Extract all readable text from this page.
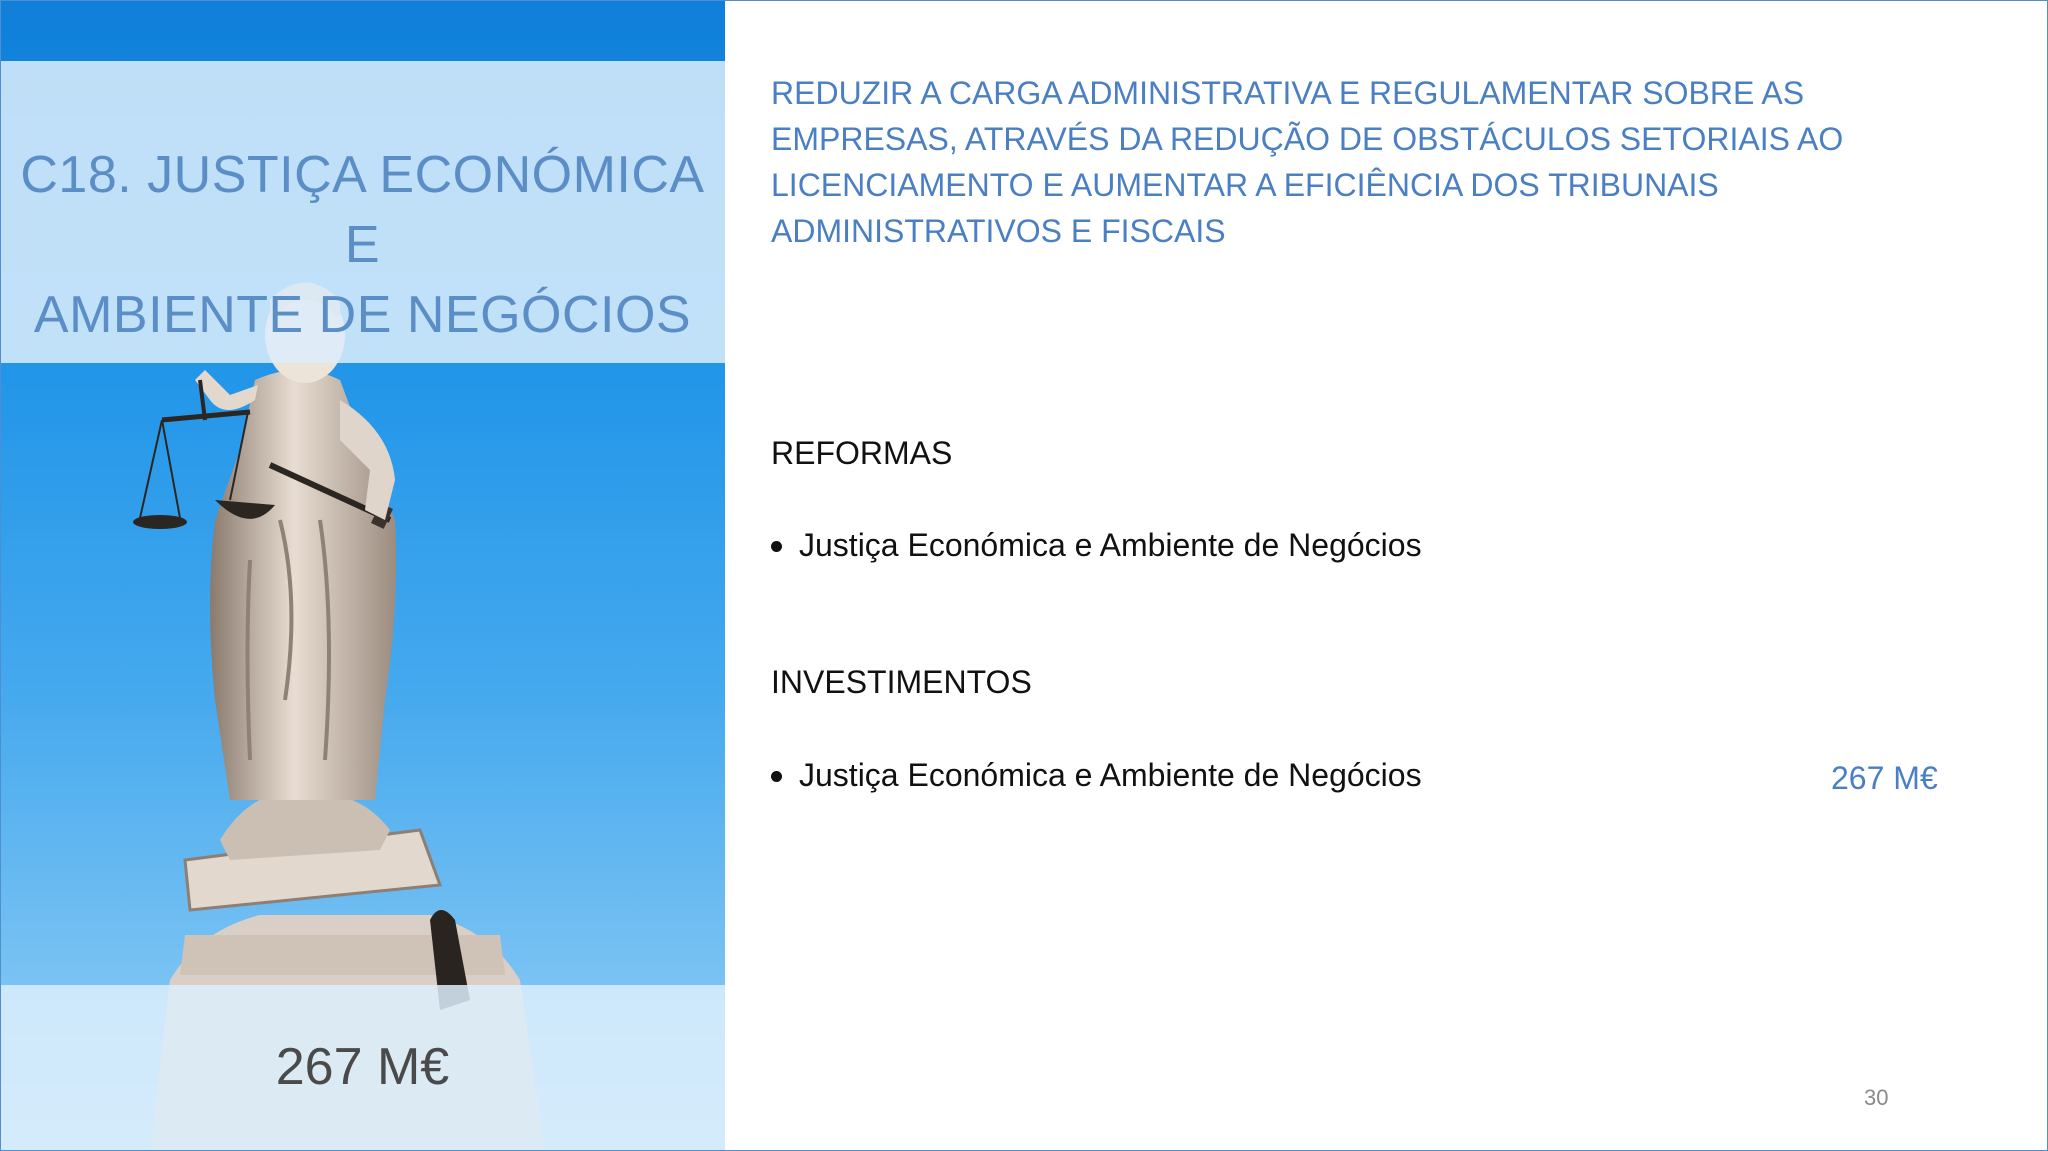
C18. JUSTIÇA ECONÓMICA E
AMBIENTE DE NEGÓCIOS
267 M€
REDUZIR A CARGA ADMINISTRATIVA E REGULAMENTAR SOBRE AS
EMPRESAS, ATRAVÉS DA REDUÇÃO DE OBSTÁCULOS SETORIAIS AO
LICENCIAMENTO E AUMENTAR A EFICIÊNCIA DOS TRIBUNAIS
ADMINISTRATIVOS E FISCAIS
REFORMAS
Justiça Económica e Ambiente de Negócios
INVESTIMENTOS
Justiça Económica e Ambiente de Negócios	267 M€
30
